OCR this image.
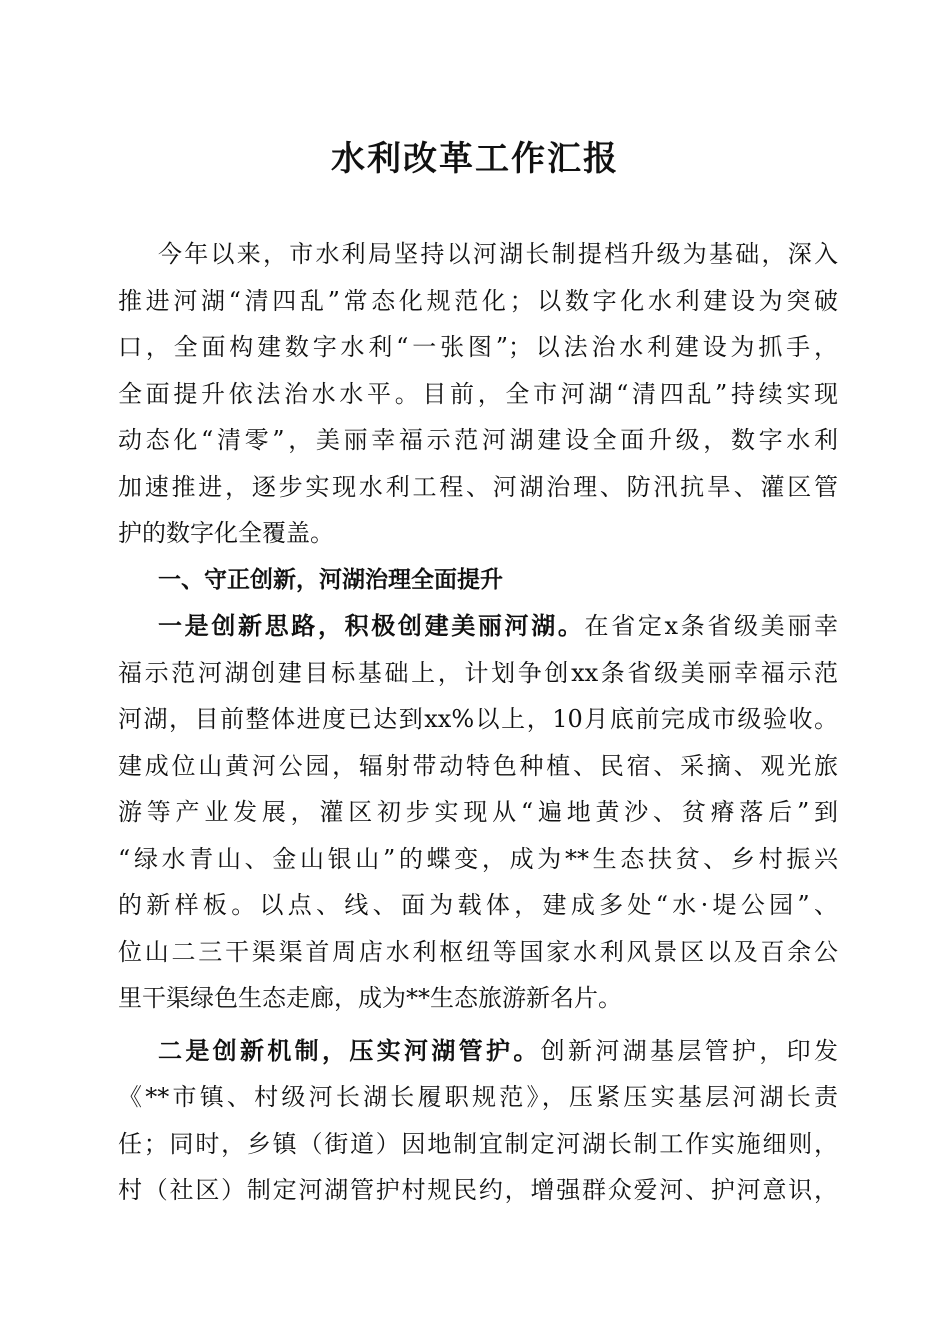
水利改革工作汇报
今年以来，市水利局坚持以河湖长制提档升级为基础，深入
推进河湖“清四乱”常态化规范化；以数字化水利建设为突破
口，全面构建数字水利“一张图”；以法治水利建设为抓手，
全面提升依法治水水平。目前，全市河湖“清四乱”持续实现
动态化“清零”，美丽幸福示范河湖建设全面升级，数字水利
加速推进，逐步实现水利工程、河湖治理、防汛抗旱、灌区管
护的数字化全覆盖。
一、守正创新，河湖治理全面提升
一是创新思路，积极创建美丽河湖。在省定x条省级美丽幸
福示范河湖创建目标基础上，计划争创xx条省级美丽幸福示范
河湖，目前整体进度已达到xx%以上，10月底前完成市级验收。
建成位山黄河公园，辐射带动特色种植、民宿、采摘、观光旅
游等产业发展，灌区初步实现从“遍地黄沙、贫瘠落后”到
“绿水青山、金山银山”的蝶变，成为**生态扶贫、乡村振兴
的新样板。以点、线、面为载体，建成多处“水·堤公园”、
位山二三干渠渠首周店水利枢纽等国家水利风景区以及百余公
里干渠绿色生态走廊，成为**生态旅游新名片。
二是创新机制，压实河湖管护。创新河湖基层管护，印发
《**市镇、村级河长湖长履职规范》，压紧压实基层河湖长责
任；同时，乡镇（街道）因地制宜制定河湖长制工作实施细则，
村（社区）制定河湖管护村规民约，增强群众爱河、护河意识，
